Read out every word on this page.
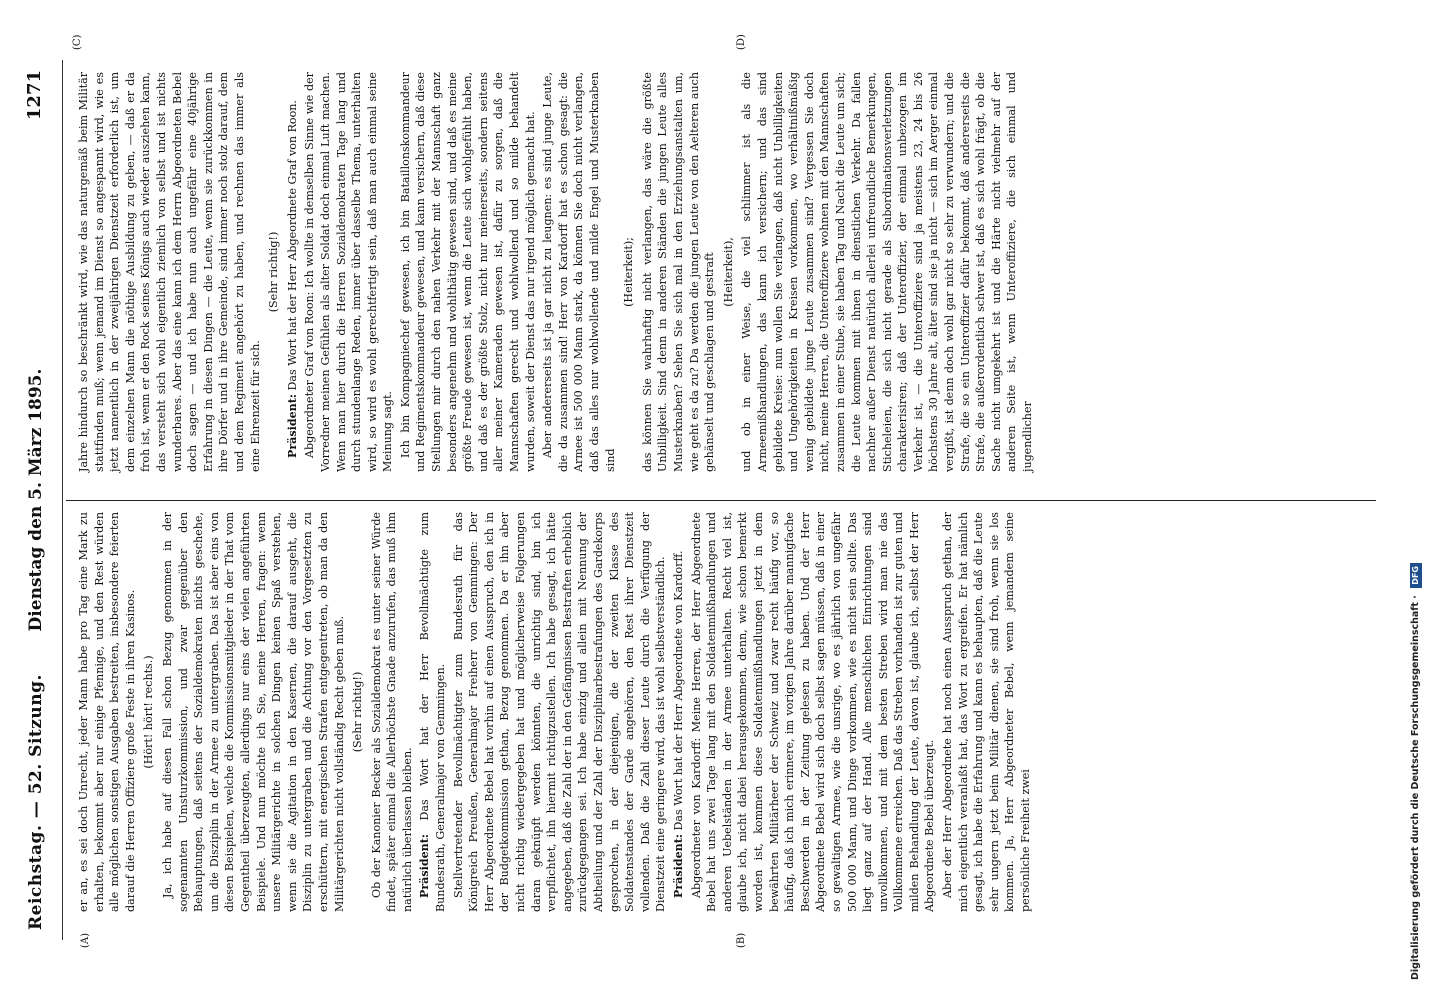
Reichstag. — 52. Sitzung.
Dienstag den 5. März 1895.
1271
(A)	(B)
(C)	(D)

er an, es sei doch Unrecht, jeder Mann habe pro Tag eine Mark zu erhalten, bekommt aber nur einige Pfennige, und den Rest würden alle möglichen sonstigen Ausgaben bestreiten, insbesondere feierten darauf die Herren Offiziere große Feste in ihren Kasinos. (Hört! hört! rechts.) Ja, ich habe auf diesen Fall schon Bezug genommen in der sogenannten Umsturzkommission, und zwar gegenüber den Behauptungen, daß seitens der Sozialdemokraten nichts geschehe, um die Disziplin in der Armee zu untergraben. Das ist aber eins von diesen Beispielen, welche die Kommissionsmitglieder in der That vom Gegentheil überzeugten, allerdings nur eins der vielen angeführten Beispiele. Und nun möchte ich Sie, meine Herren, fragen: wenn unsere Militärgerichte in solchen Dingen keinen Spaß verstehen, wenn sie die Agitation in den Kasernen, die darauf ausgeht, die Disziplin zu untergraben und die Achtung vor den Vorgesetzten zu erschüttern, mit energischen Strafen entgegentreten, ob man da den Militärgerichten nicht vollständig Recht geben muß. (Sehr richtig!) Ob der Kanonier Becker als Sozialdemokrat es unter seiner Würde findet, später einmal die Allerhöchste Gnade anzurufen, das muß ihm natürlich überlassen bleiben. Präsident: Das Wort hat der Herr Bevollmächtigte zum Bundesrath, Generalmajor von Gemmingen. Stellvertretender Bevollmächtigter zum Bundesrath für das Königreich Preußen, Generalmajor Freiherr von Gemmingen: Der Herr Abgeordnete Bebel hat vorhin auf einen Ausspruch, den ich in der Budgetkommission gethan, Bezug genommen. Da er ihn aber nicht richtig wiedergegeben hat und möglicherweise Folgerungen daran geknüpft werden könnten, die unrichtig sind, bin ich verpflichtet, ihn hiermit richtigzustellen. Ich habe gesagt, ich hätte angegeben, daß die Zahl der in den Gefängnissen Bestraften erheblich zurückgegangen sei. Ich habe einzig und allein mit Nennung der Abtheilung und der Zahl der Disziplinarbestrafungen des Gardekorps gesprochen, in der diejenigen, die der zweiten Klasse des Soldatenstandes der Garde angehören, den Rest ihrer Dienstzeit vollenden. Daß die Zahl dieser Leute durch die Verfügung der Dienstzeit eine geringere wird, das ist wohl selbstverständlich. Präsident: Das Wort hat der Herr Abgeordnete von Kardorff. Abgeordneter von Kardorff: Meine Herren, der Herr Abgeordnete Bebel hat uns zwei Tage lang mit den Soldatenmißhandlungen und anderen Uebelständen in der Armee unterhalten. Recht viel ist, glaube ich, nicht dabei herausgekommen, denn, wie schon bemerkt worden ist, kommen diese Soldatenmißhandlungen jetzt in dem bewährten Militärheer der Schweiz und zwar recht häufig vor, so häufig, daß ich mich erinnere, im vorigen Jahre darüber mannigfache Beschwerden in der Zeitung gelesen zu haben. Und der Herr Abgeordnete Bebel wird sich doch selbst sagen müssen, daß in einer so gewaltigen Armee, wie die unsrige, wo es jährlich von ungefähr 500 000 Mann, und Dinge vorkommen, wie es nicht sein sollte. Das liegt ganz auf der Hand. Alle menschlichen Einrichtungen sind unvollkommen, und mit dem besten Streben wird man nie das Vollkommene erreichen. Daß das Streben vorhanden ist zur guten und milden Behandlung der Leute, davon ist, glaube ich, selbst der Herr Abgeordnete Bebel überzeugt. Aber der Herr Abgeordnete hat noch einen Ausspruch gethan, der mich eigentlich veranlaßt hat, das Wort zu ergreifen. Er hat nämlich gesagt, ich habe die Erfahrung und kann es behaupten, daß die Leute sehr ungern jetzt beim Militär dienen, sie sind froh, wenn sie los kommen. Ja, Herr Abgeordneter Bebel, wenn jemandem seine persönliche Freiheit zwei

Jahre hindurch so beschränkt wird, wie das naturgemäß beim Militär stattfinden muß; wenn jemand im Dienst so angespannt wird, wie es jetzt namentlich in der zweijährigen Dienstzeit erforderlich ist, um dem einzelnen Mann die nöthige Ausbildung zu geben, — daß er da froh ist, wenn er den Rock seines Königs auch wieder ausziehen kann, das versteht sich wohl eigentlich ziemlich von selbst und ist nichts wunderbares. Aber das eine kann ich dem Herrn Abgeordneten Bebel doch sagen — und ich habe nun auch ungefähr eine 40jährige Erfahrung in diesen Dingen — die Leute, wenn sie zurückkommen in ihre Dörfer und in ihre Gemeinde, sind immer noch stolz darauf, dem und dem Regiment angehört zu haben, und rechnen das immer als eine Ehrenzeit für sich.

(Sehr richtig!)

Präsident: Das Wort hat der Herr Abgeordnete Graf von Roon. Abgeordneter Graf von Roon: Ich wollte in demselben Sinne wie der Vorredner meinen Gefühlen als alter Soldat doch einmal Luft machen. Wenn man hier durch die Herren Sozialdemokraten Tage lang und durch stundenlange Reden, immer über dasselbe Thema, unterhalten wird, so wird es wohl gerechtfertigt sein, daß man auch einmal seine Meinung sagt. Ich bin Kompagniechef gewesen, ich bin Bataillonskommandeur und Regimentskommandeur gewesen, und kann versichern, daß diese Stellungen mir durch den nahen Verkehr mit der Mannschaft ganz besonders angenehm und wohlthätig gewesen sind, und daß es meine größte Freude gewesen ist, wenn die Leute sich wohlgefühlt haben, und daß es der größte Stolz, nicht nur meinerseits, sondern seitens aller meiner Kameraden gewesen ist, dafür zu sorgen, daß die Mannschaften gerecht und wohlwollend und so milde behandelt wurden, soweit der Dienst das nur irgend möglich gemacht hat. Aber andererseits ist ja gar nicht zu leugnen: es sind junge Leute, die da zusammen sind! Herr von Kardorff hat es schon gesagt: die Armee ist 500 000 Mann stark, da können Sie doch nicht verlangen, daß das alles nur wohlwollende und milde Engel und Musterknaben sind

(Heiterkeit); das können Sie wahrhaftig nicht verlangen, das wäre die größte Unbilligkeit. Sind denn in anderen Ständen die jungen Leute alles Musterknaben? Sehen Sie sich mal in den Erziehungsanstalten um, wie geht es da zu? Da werden die jungen Leute von den Aelteren auch gehänselt und geschlagen und gestraft (Heiterkeit), und ob in einer Weise, die viel schlimmer ist als die Armeemißhandlungen, das kann ich versichern; und das sind gebildete Kreise: nun wollen Sie verlangen, daß nicht Unbilligkeiten und Ungehörigkeiten in Kreisen vorkommen, wo verhältnißmäßig wenig gebildete junge Leute zusammen sind? Vergessen Sie doch nicht, meine Herren, die Unteroffiziere wohnen mit den Mannschaften zusammen in einer Stube, sie haben Tag und Nacht die Leute um sich; die Leute kommen mit ihnen in dienstlichen Verkehr. Da fallen nachher außer Dienst natürlich allerlei unfreundliche Bemerkungen, Sticheleien, die sich nicht gerade als Subordinationsverletzungen charakterisiren; daß der Unteroffizier, der einmal unbezogen im Verkehr ist, — die Unteroffiziere sind ja meistens 23, 24 bis 26 höchstens 30 Jahre alt, älter sind sie ja nicht — sich im Aerger einmal vergißt, ist denn doch wohl gar nicht so sehr zu verwundern; und die Strafe, die so ein Unteroffizier dafür bekommt, daß andererseits die Strafe, die außerordentlich schwer ist, daß es sich wohl frägt, ob die Sache nicht umgekehrt ist und die Härte nicht vielmehr auf der anderen Seite ist, wenn Unteroffiziere, die sich einmal und jugendlicher

Digitalisierung gefördert durch die Deutsche Forschungsgemeinschaft · DFG
